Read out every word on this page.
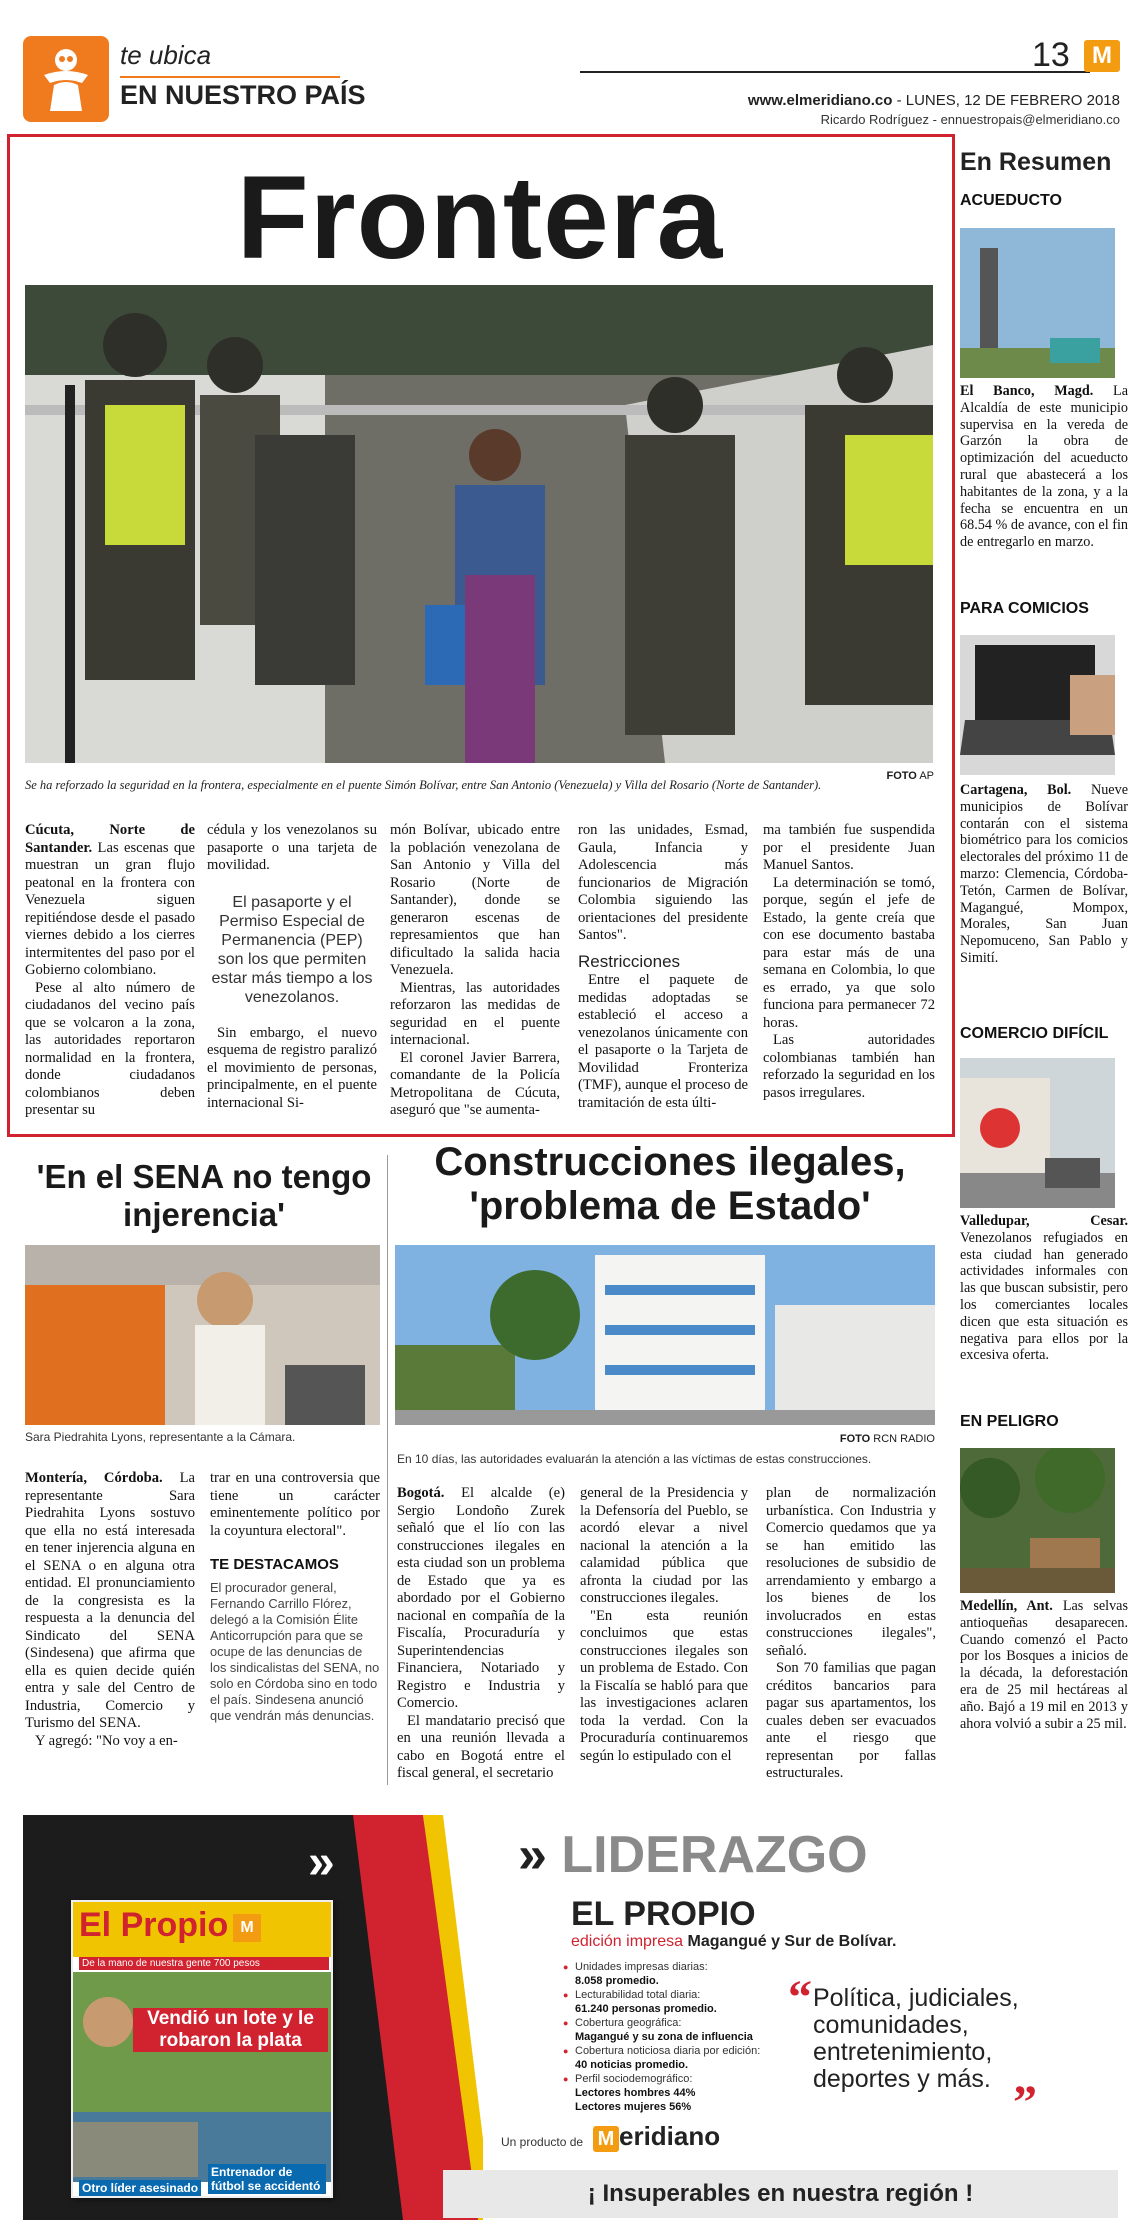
te ubica
EN NUESTRO PAÍS
13 M
www.elmeridiano.co - LUNES, 12 DE FEBRERO 2018
Ricardo Rodríguez - ennuestropais@elmeridiano.co
Frontera
FOTO AP
Se ha reforzado la seguridad en la frontera, especialmente en el puente Simón Bolívar, entre San Antonio (Venezuela) y Villa del Rosario (Norte de Santander).

Cúcuta, Norte de Santander. Las escenas que muestran un gran flujo peatonal en la frontera con Venezuela siguen repitiéndose desde el pasado viernes debido a los cierres intermitentes del paso por el Gobierno colombiano.

Pese al alto número de ciudadanos del vecino país que se volcaron a la zona, las autoridades reportaron normalidad en la frontera, donde ciudadanos colombianos deben presentar su

cédula y los venezolanos su pasaporte o una tarjeta de movilidad.

El pasaporte y el Permiso Especial de Permanencia (PEP) son los que permiten estar más tiempo a los venezolanos.

Sin embargo, el nuevo esquema de registro paralizó el movimiento de personas, principalmente, en el puente internacional Si-

món Bolívar, ubicado entre la población venezolana de San Antonio y Villa del Rosario (Norte de Santander), donde se generaron escenas de represamientos que han dificultado la salida hacia Venezuela.

Mientras, las autoridades reforzaron las medidas de seguridad en el puente internacional.

El coronel Javier Barrera, comandante de la Policía Metropolitana de Cúcuta, aseguró que "se aumenta-

ron las unidades, Esmad, Gaula, Infancia y Adolescencia más funcionarios de Migración Colombia siguiendo las orientaciones del presidente Santos".

Restricciones

Entre el paquete de medidas adoptadas se estableció el acceso a venezolanos únicamente con el pasaporte o la Tarjeta de Movilidad Fronteriza (TMF), aunque el proceso de tramitación de esta últi-

ma también fue suspendida por el presidente Juan Manuel Santos.

La determinación se tomó, porque, según el jefe de Estado, la gente creía que con ese documento bastaba para estar más de una semana en Colombia, lo que es errado, ya que solo funciona para permanecer 72 horas.

Las autoridades colombianas también han reforzado la seguridad en los pasos irregulares.

En Resumen
ACUEDUCTO
El Banco, Magd. La Alcaldía de este municipio supervisa en la vereda de Garzón la obra de optimización del acueducto rural que abastecerá a los habitantes de la zona, y a la fecha se encuentra en un 68.54 % de avance, con el fin de entregarlo en marzo.
PARA COMICIOS
Cartagena, Bol. Nueve municipios de Bolívar contarán con el sistema biométrico para los comicios electorales del próximo 11 de marzo: Clemencia, Córdoba-Tetón, Carmen de Bolívar, Magangué, Mompox, Morales, San Juan Nepomuceno, San Pablo y Simití.
COMERCIO DIFÍCIL
Valledupar, Cesar. Venezolanos refugiados en esta ciudad han generado actividades informales con las que buscan subsistir, pero los comerciantes locales dicen que esta situación es negativa para ellos por la excesiva oferta.
EN PELIGRO
Medellín, Ant. Las selvas antioqueñas desaparecen. Cuando comenzó el Pacto por los Bosques a inicios de la década, la deforestación era de 25 mil hectáreas al año. Bajó a 19 mil en 2013 y ahora volvió a subir a 25 mil.
'En el SENA no tengo injerencia'
Sara Piedrahita Lyons, representante a la Cámara.

Montería, Córdoba. La representante Sara Piedrahita Lyons sostuvo que ella no está interesada en tener injerencia alguna en el SENA o en alguna otra entidad. El pronunciamiento de la congresista es la respuesta a la denuncia del Sindicato del SENA (Sindesena) que afirma que ella es quien decide quién entra y sale del Centro de Industria, Comercio y Turismo del SENA.

Y agregó: "No voy a en-

trar en una controversia que tiene un carácter eminentemente político por la coyuntura electoral".

TE DESTACAMOS
El procurador general, Fernando Carrillo Flórez, delegó a la Comisión Élite Anticorrupción para que se ocupe de las denuncias de los sindicalistas del SENA, no solo en Córdoba sino en todo el país. Sindesena anunció que vendrán más denuncias.
Construcciones ilegales, 'problema de Estado'
FOTO RCN RADIO
En 10 días, las autoridades evaluarán la atención a las víctimas de estas construcciones.

Bogotá. El alcalde (e) Sergio Londoño Zurek señaló que el lío con las construcciones ilegales en esta ciudad son un problema de Estado que ya es abordado por el Gobierno nacional en compañía de la Fiscalía, Procuraduría y Superintendencias Financiera, Notariado y Registro e Industria y Comercio.

El mandatario precisó que en una reunión llevada a cabo en Bogotá entre el fiscal general, el secretario

general de la Presidencia y la Defensoría del Pueblo, se acordó elevar a nivel nacional la atención a la calamidad pública que afronta la ciudad por las construcciones ilegales.

"En esta reunión concluimos que estas construcciones ilegales son un problema de Estado. Con la Fiscalía se habló para que las investigaciones aclaren toda la verdad. Con la Procuraduría continuaremos según lo estipulado con el

plan de normalización urbanística. Con Industria y Comercio quedamos que ya se han emitido las resoluciones de subsidio de arrendamiento y embargo a los bienes de los involucrados en estas construcciones ilegales", señaló.

Son 70 familias que pagan créditos bancarios para pagar sus apartamentos, los cuales deben ser evacuados ante el riesgo que representan por fallas estructurales.

»	» LIDERAZGO
EL PROPIO
edición impresa Magangué y Sur de Bolívar.
● Unidades impresas diarias:
8.058 promedio.
● Lecturabilidad total diaria:
61.240 personas promedio.
● Cobertura geográfica:
Magangué y su zona de influencia
● Cobertura noticiosa diaria por edición:
40 noticias promedio.
● Perfil sociodemográfico:
Lectores hombres 44%
Lectores mujeres 56%
“ Política, judiciales, comunidades, entretenimiento, deportes y más. ”
Un producto de M eridiano
¡ Insuperables en nuestra región !
El Propio M
De la mano de nuestra gente 700 pesos
Vendió un lote y le robaron la plata
Otro líder asesinado
Entrenador de fútbol se accidentó
